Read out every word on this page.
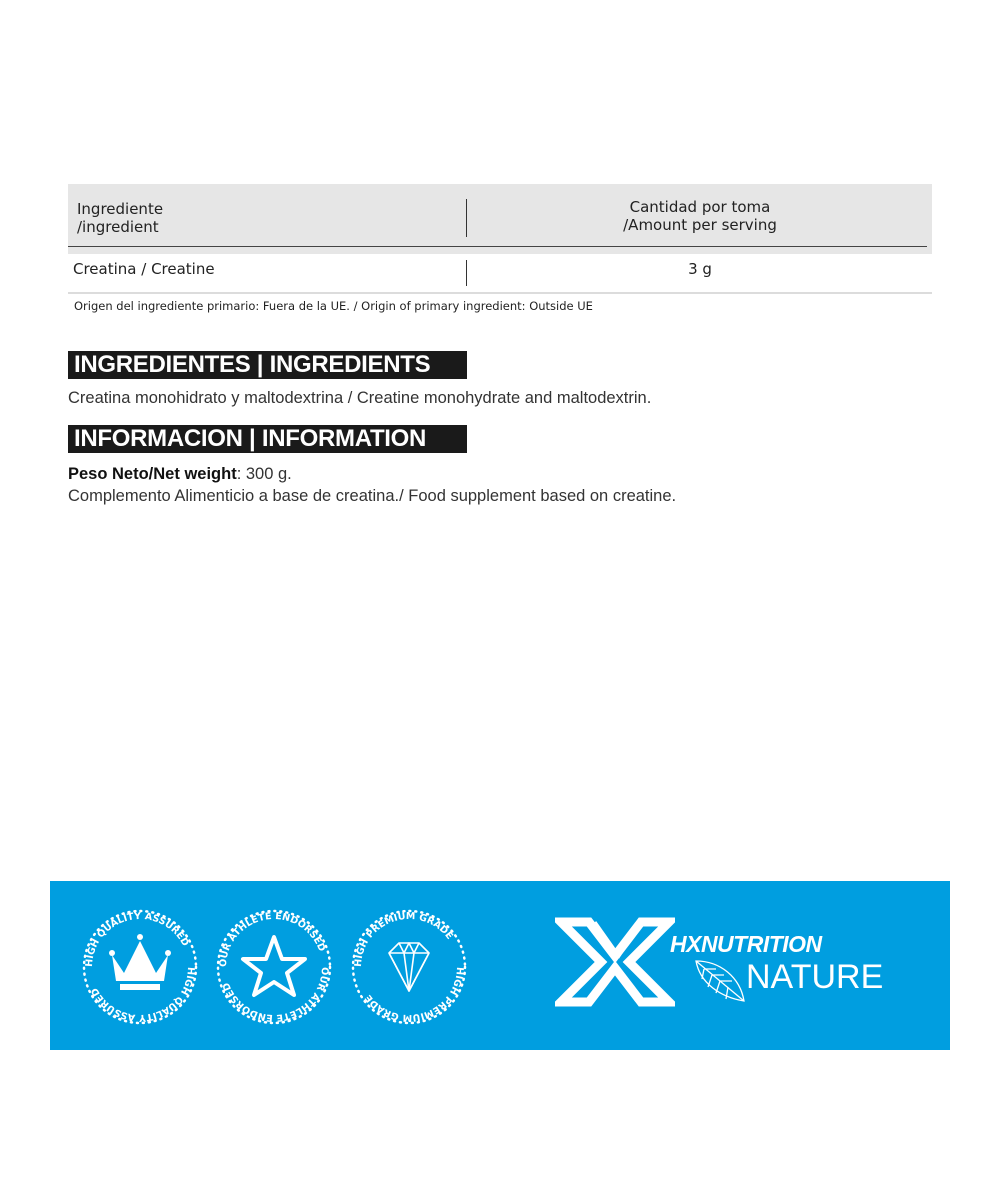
Ingrediente
/ingredient
Cantidad por toma
/Amount per serving
Creatina / Creatine	3 g
Origen del ingrediente primario: Fuera de la UE. / Origin of primary ingredient: Outside UE
INGREDIENTES | INGREDIENTS
Creatina monohidrato y maltodextrina / Creatine monohydrate and maltodextrin.
INFORMACION | INFORMATION
Peso Neto/Net weight: 300 g.
Complemento Alimenticio a base de creatina./ Food supplement based on creatine.
HIGH QUALITY ASSURED
HIGH QUALITY ASSURED
OUR ATHLETE ENDORSED
OUR ATHLETE ENDORSED
HIGH PREMIUM GRADE
HIGH PREMIUM GRADE
HXNUTRITION
NATURE
